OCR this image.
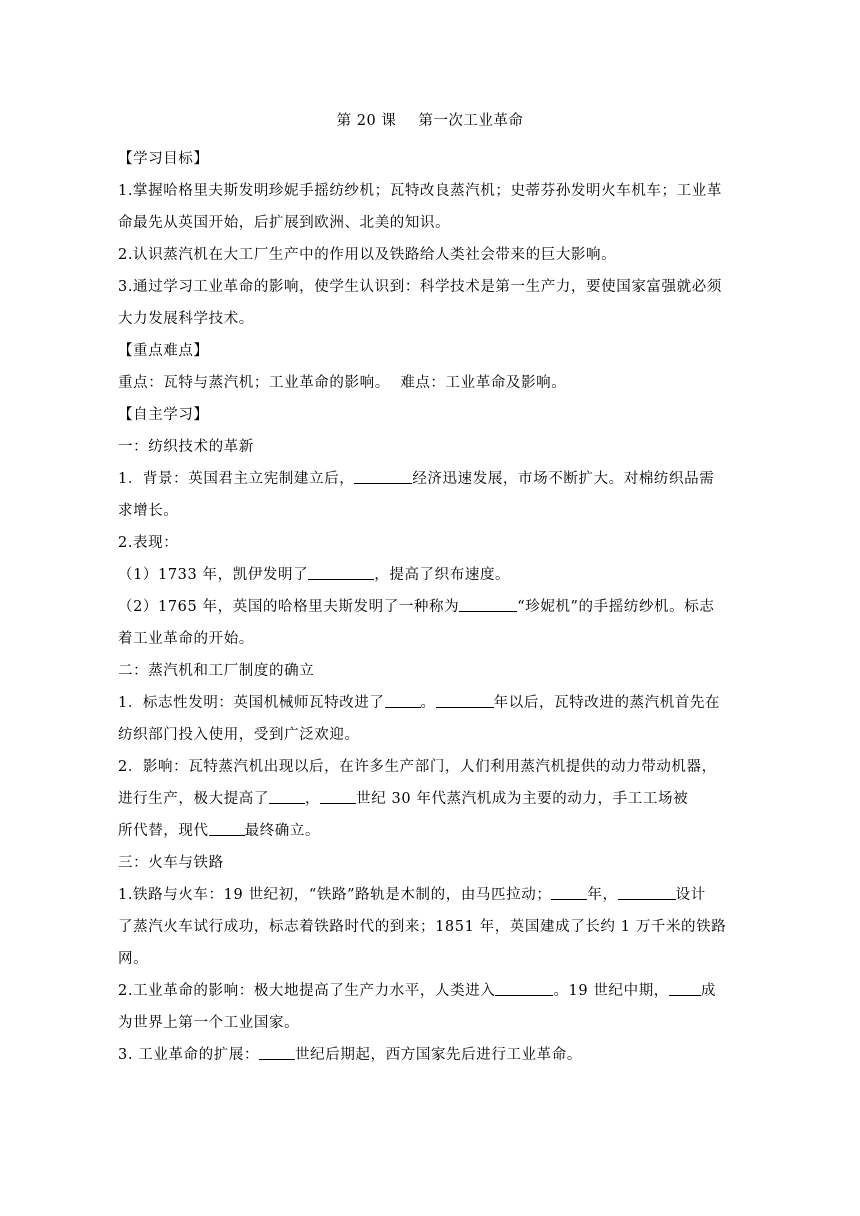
第 20 课 第一次工业革命
【学习目标】
1.掌握哈格里夫斯发明珍妮手摇纺纱机；瓦特改良蒸汽机；史蒂芬孙发明火车机车；工业革
命最先从英国开始，后扩展到欧洲、北美的知识。
2.认识蒸汽机在大工厂生产中的作用以及铁路给人类社会带来的巨大影响。
3.通过学习工业革命的影响，使学生认识到：科学技术是第一生产力，要使国家富强就必须
大力发展科学技术。
【重点难点】
重点：瓦特与蒸汽机；工业革命的影响。  难点：工业革命及影响。
【自主学习】
一：纺织技术的革新
1．背景：英国君主立宪制建立后，	经济迅速发展，市场不断扩大。对棉纺织品需
求增长。
2.表现：
（1）1733 年，凯伊发明了	，提高了织布速度。
（2）1765 年，英国的哈格里夫斯发明了一种称为	“珍妮机”的手摇纺纱机。标志
着工业革命的开始。
二：蒸汽机和工厂制度的确立
1．标志性发明：英国机械师瓦特改进了 。	年以后，瓦特改进的蒸汽机首先在
纺织部门投入使用，受到广泛欢迎。
2．影响：瓦特蒸汽机出现以后，在许多生产部门，人们利用蒸汽机提供的动力带动机器，
进行生产，极大提高了 ， 世纪 30 年代蒸汽机成为主要的动力，手工工场被
所代替，现代 最终确立。
三：火车与铁路
1.铁路与火车：19 世纪初，“铁路”路轨是木制的，由马匹拉动； 年，	设计
了蒸汽火车试行成功，标志着铁路时代的到来；1851 年，英国建成了长约 1 万千米的铁路
网。
2.工业革命的影响：极大地提高了生产力水平，人类进入	。19 世纪中期， 成
为世界上第一个工业国家。
3. 工业革命的扩展： 世纪后期起，西方国家先后进行工业革命。
